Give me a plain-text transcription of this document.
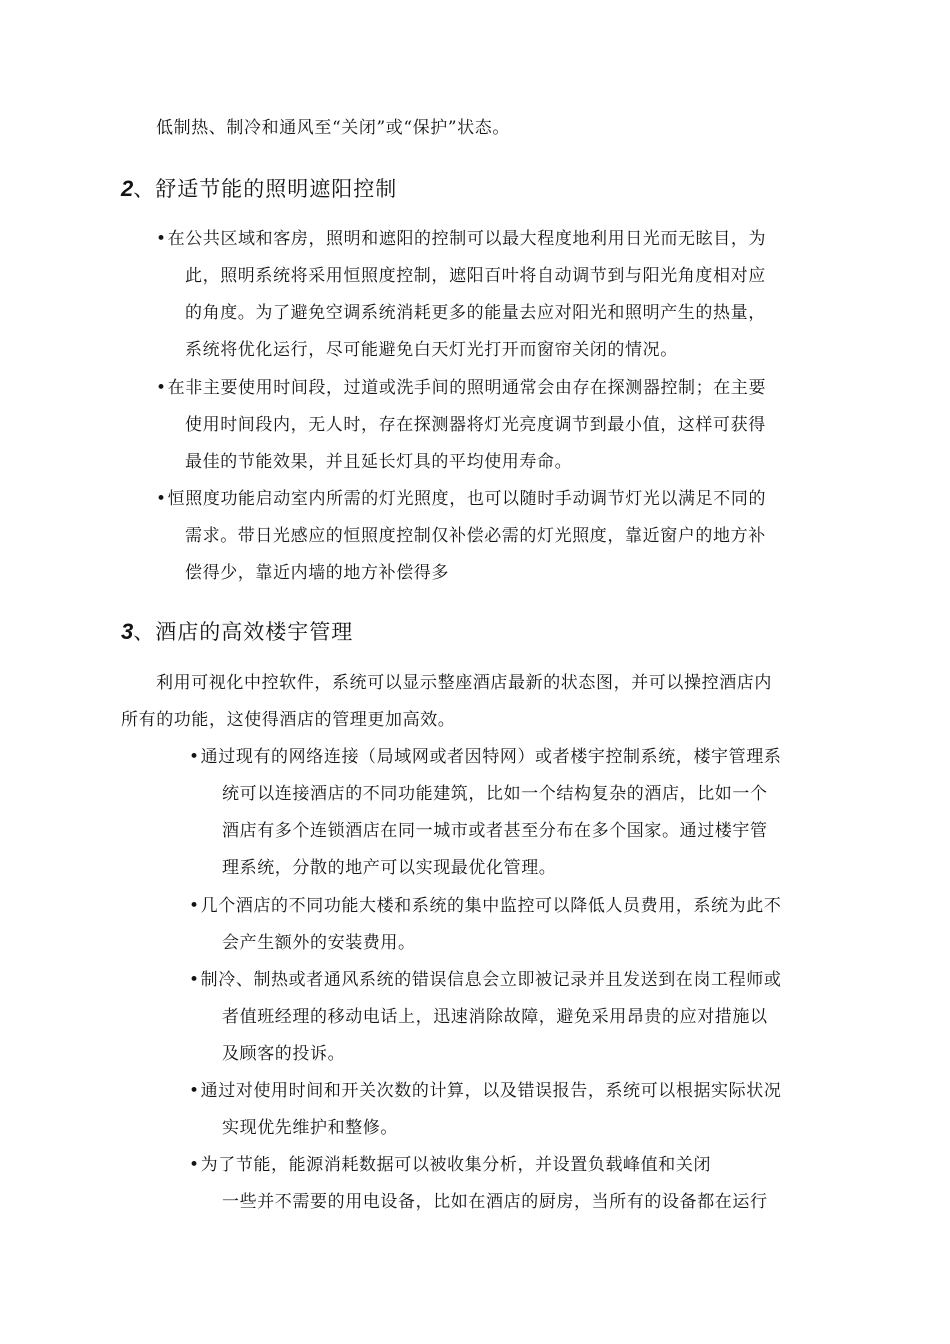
低制热、制冷和通风至“关闭”或“保护”状态。
2、舒适节能的照明遮阳控制
•在公共区域和客房，照明和遮阳的控制可以最大程度地利用日光而无眩目，为
此，照明系统将采用恒照度控制，遮阳百叶将自动调节到与阳光角度相对应
的角度。为了避免空调系统消耗更多的能量去应对阳光和照明产生的热量，
系统将优化运行，尽可能避免白天灯光打开而窗帘关闭的情况。
•在非主要使用时间段，过道或洗手间的照明通常会由存在探测器控制；在主要
使用时间段内，无人时，存在探测器将灯光亮度调节到最小值，这样可获得
最佳的节能效果，并且延长灯具的平均使用寿命。
•恒照度功能启动室内所需的灯光照度，也可以随时手动调节灯光以满足不同的
需求。带日光感应的恒照度控制仅补偿必需的灯光照度，靠近窗户的地方补
偿得少，靠近内墙的地方补偿得多
3、酒店的高效楼宇管理
利用可视化中控软件，系统可以显示整座酒店最新的状态图，并可以操控酒店内
所有的功能，这使得酒店的管理更加高效。
•通过现有的网络连接（局域网或者因特网）或者楼宇控制系统，楼宇管理系
统可以连接酒店的不同功能建筑，比如一个结构复杂的酒店，比如一个
酒店有多个连锁酒店在同一城市或者甚至分布在多个国家。通过楼宇管
理系统，分散的地产可以实现最优化管理。
•几个酒店的不同功能大楼和系统的集中监控可以降低人员费用，系统为此不
会产生额外的安装费用。
•制冷、制热或者通风系统的错误信息会立即被记录并且发送到在岗工程师或
者值班经理的移动电话上，迅速消除故障，避免采用昂贵的应对措施以
及顾客的投诉。
•通过对使用时间和开关次数的计算，以及错误报告，系统可以根据实际状况
实现优先维护和整修。
•为了节能，能源消耗数据可以被收集分析，并设置负载峰值和关闭
一些并不需要的用电设备，比如在酒店的厨房，当所有的设备都在运行
